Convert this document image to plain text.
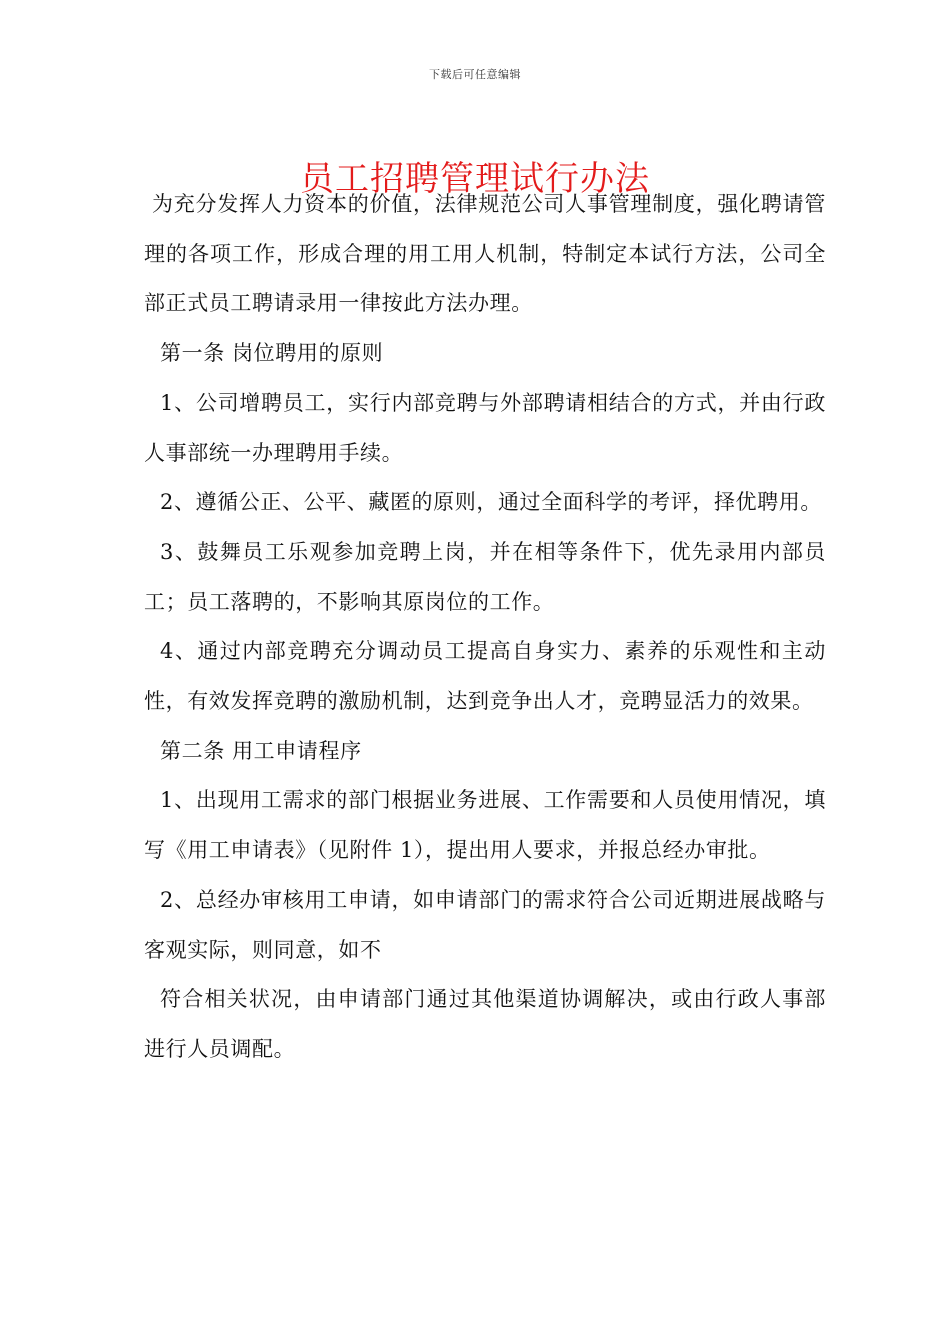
下载后可任意编辑
员工招聘管理试行办法

为充分发挥人力资本的价值，法律规范公司人事管理制度，强化聘请管理的各项工作，形成合理的用工用人机制，特制定本试行方法，公司全部正式员工聘请录用一律按此方法办理。

第一条 岗位聘用的原则

1、公司增聘员工，实行内部竞聘与外部聘请相结合的方式，并由行政人事部统一办理聘用手续。

2、遵循公正、公平、藏匿的原则，通过全面科学的考评，择优聘用。

3、鼓舞员工乐观参加竞聘上岗，并在相等条件下，优先录用内部员工；员工落聘的，不影响其原岗位的工作。

4、通过内部竞聘充分调动员工提高自身实力、素养的乐观性和主动性，有效发挥竞聘的激励机制，达到竞争出人才，竞聘显活力的效果。

第二条 用工申请程序

1、出现用工需求的部门根据业务进展、工作需要和人员使用情况，填写《用工申请表》（见附件 1），提出用人要求，并报总经办审批。

2、总经办审核用工申请，如申请部门的需求符合公司近期进展战略与客观实际，则同意，如不

符合相关状况，由申请部门通过其他渠道协调解决，或由行政人事部进行人员调配。
